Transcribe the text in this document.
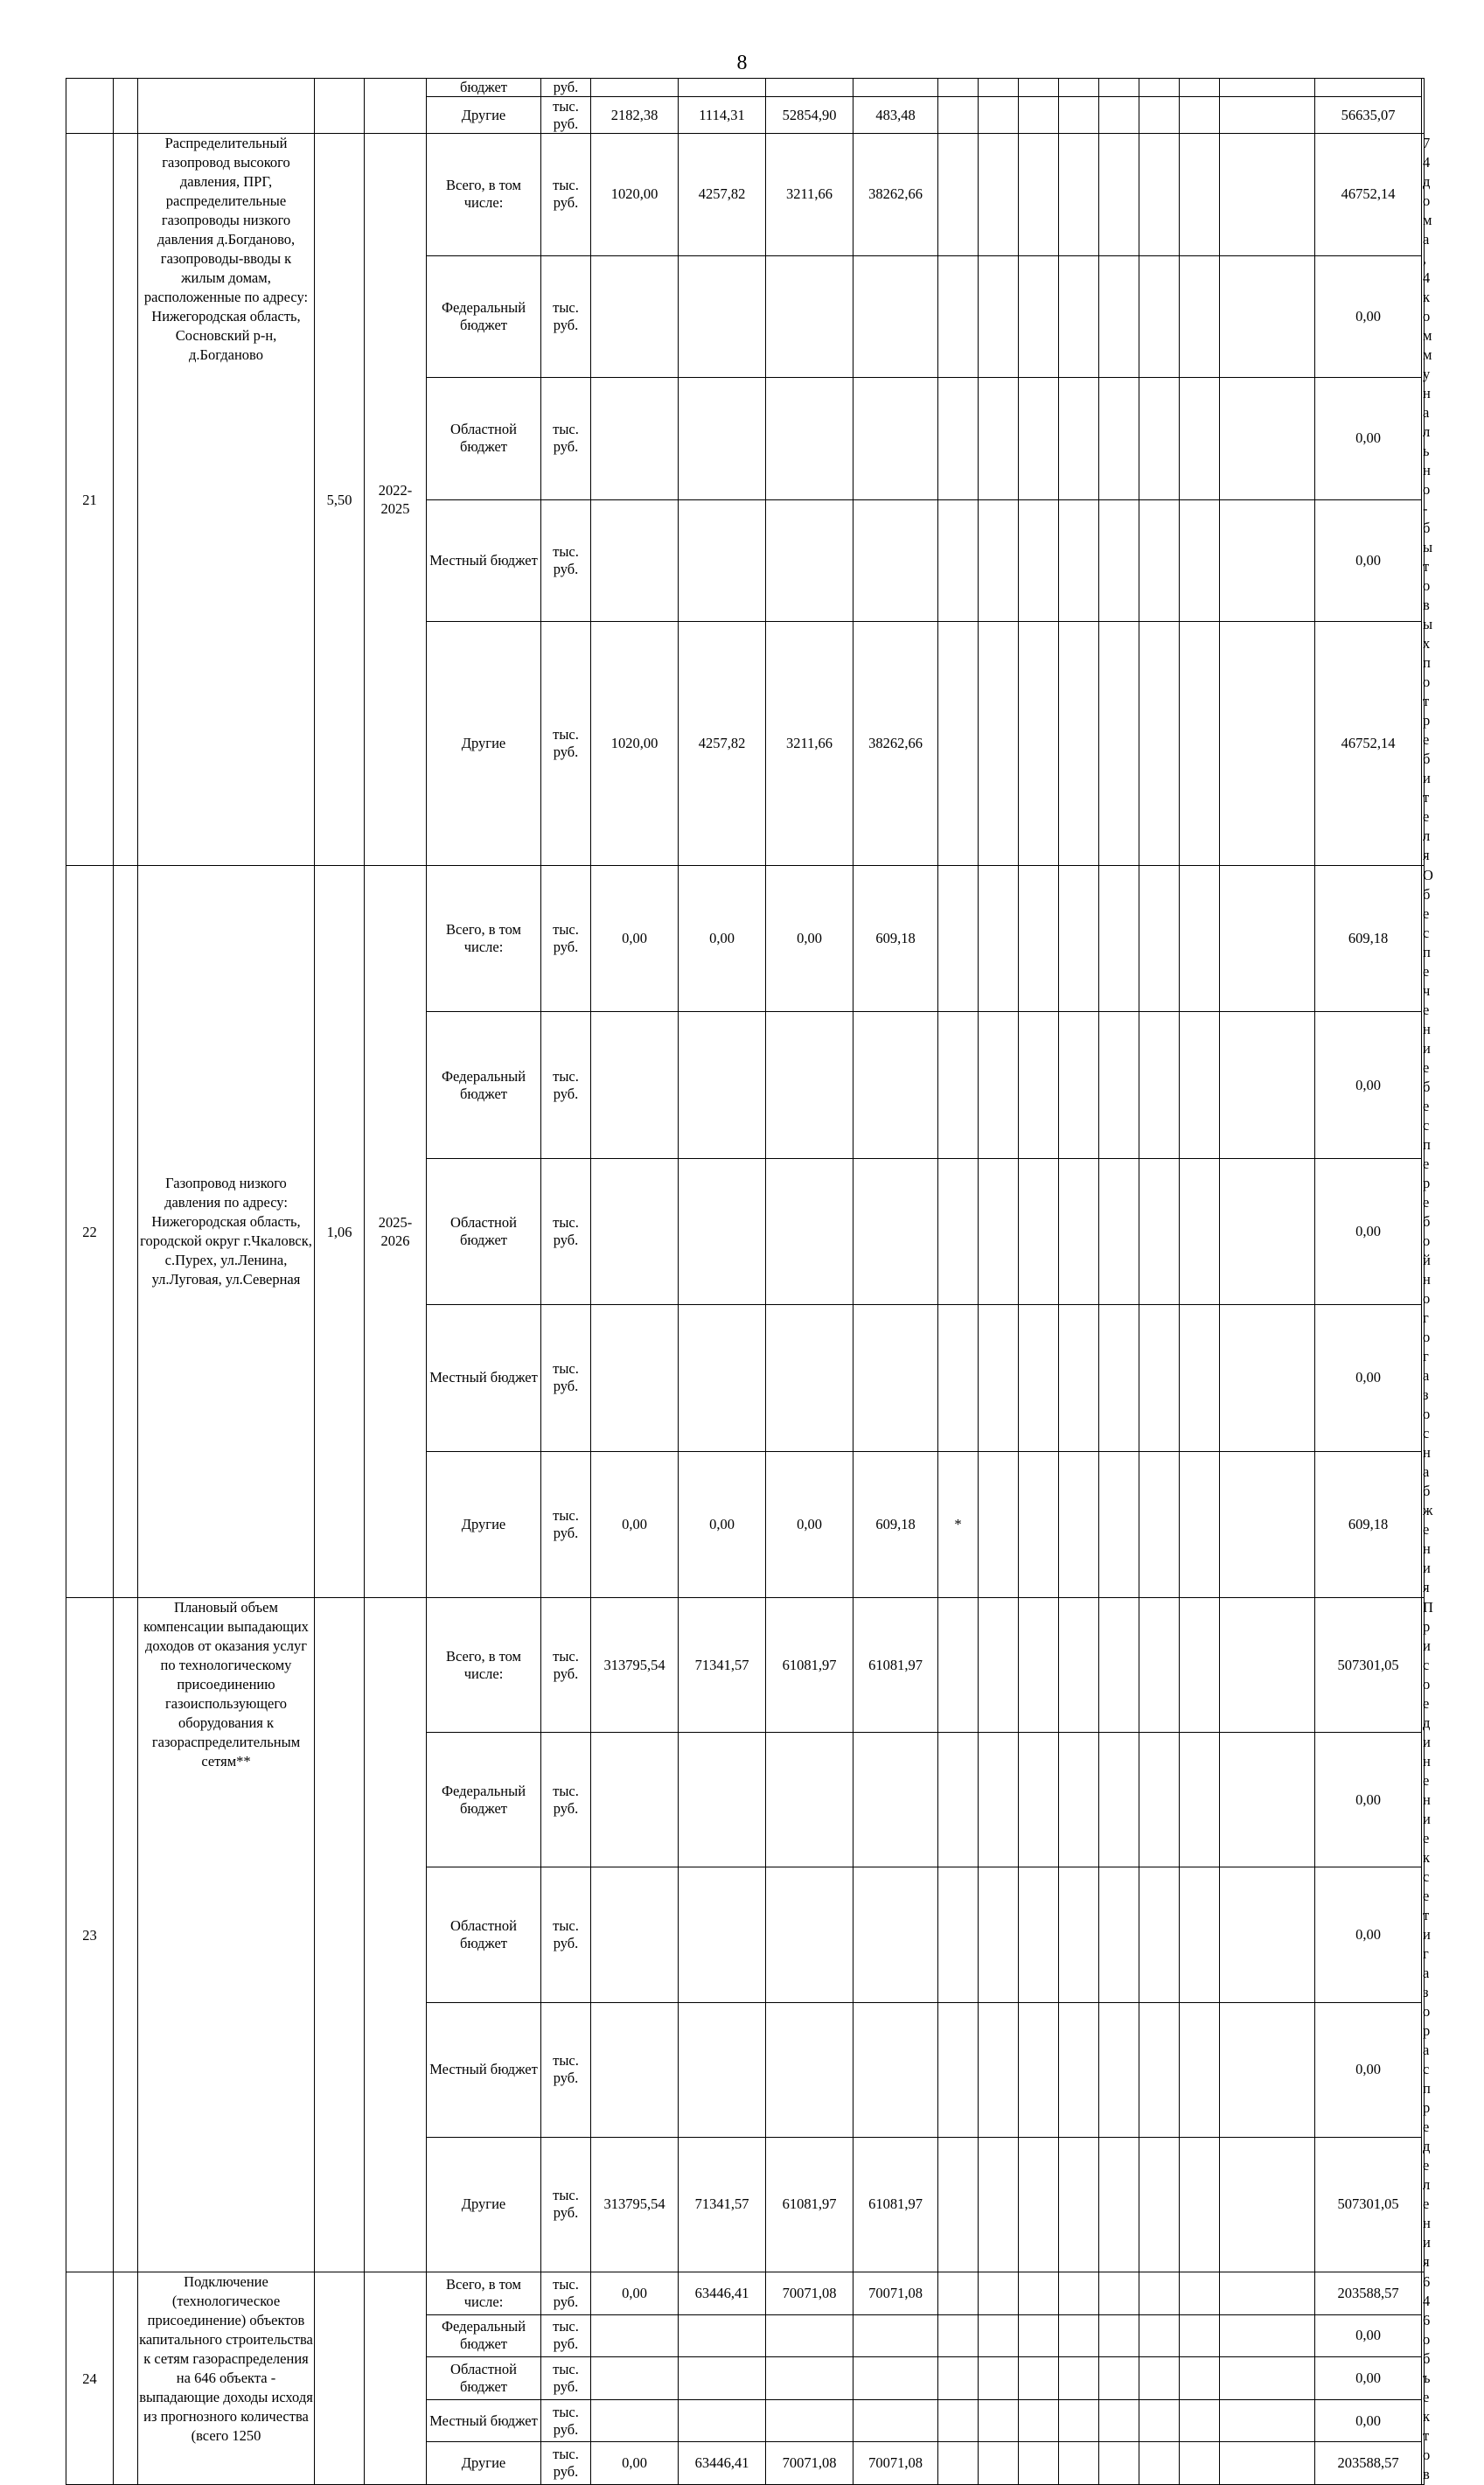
8
					бюджет	руб.														
					Другие	тыс. руб.	2182,38	1114,31	52854,90	483,48									56635,07	
21		Распределительный газопровод высокого давления, ПРГ, распределительные газопроводы низкого давления д.Богданово, газопроводы-вводы к жилым домам, расположенные по адресу: Нижегородская область, Сосновский р-н, д.Богданово	5,50	2022-2025	Всего, в том числе:	тыс. руб.	1020,00	4257,82	3211,66	38262,66									46752,14	74 дома, 4 коммунально-бытовых потребителя
					Федеральный бюджет	тыс. руб.													0,00	
					Областной бюджет	тыс. руб.													0,00	
					Местный бюджет	тыс. руб.													0,00	
					Другие	тыс. руб.	1020,00	4257,82	3211,66	38262,66									46752,14	
22		Газопровод низкого давления по адресу: Нижегородская область, городской округ г.Чкаловск, с.Пурех, ул.Ленина, ул.Луговая, ул.Северная	1,06	2025-2026	Всего, в том числе:	тыс. руб.	0,00	0,00	0,00	609,18									609,18	Обеспечение бесперебойного газоснабжения
					Федеральный бюджет	тыс. руб.													0,00	
					Областной бюджет	тыс. руб.													0,00	
					Местный бюджет	тыс. руб.													0,00	
					Другие	тыс. руб.	0,00	0,00	0,00	609,18	*								609,18	
23		Плановый объем компенсации выпадающих доходов от оказания услуг по технологическому присоединению газоиспользующего оборудования к газораспределительным сетям**			Всего, в том числе:	тыс. руб.	313795,54	71341,57	61081,97	61081,97									507301,05	Присоединение к сети газораспределения
					Федеральный бюджет	тыс. руб.													0,00	
					Областной бюджет	тыс. руб.													0,00	
					Местный бюджет	тыс. руб.													0,00	
					Другие	тыс. руб.	313795,54	71341,57	61081,97	61081,97									507301,05	
24		Подключение (технологическое присоединение) объектов капитального строительства к сетям газораспределения на 646 объекта - выпадающие доходы исходя из прогнозного количества (всего 1250			Всего, в том числе:	тыс. руб.	0,00	63446,41	70071,08	70071,08									203588,57	646 объектов
					Федеральный бюджет	тыс. руб.													0,00	
					Областной бюджет	тыс. руб.													0,00	
					Местный бюджет	тыс. руб.													0,00	
					Другие	тыс. руб.	0,00	63446,41	70071,08	70071,08									203588,57	
